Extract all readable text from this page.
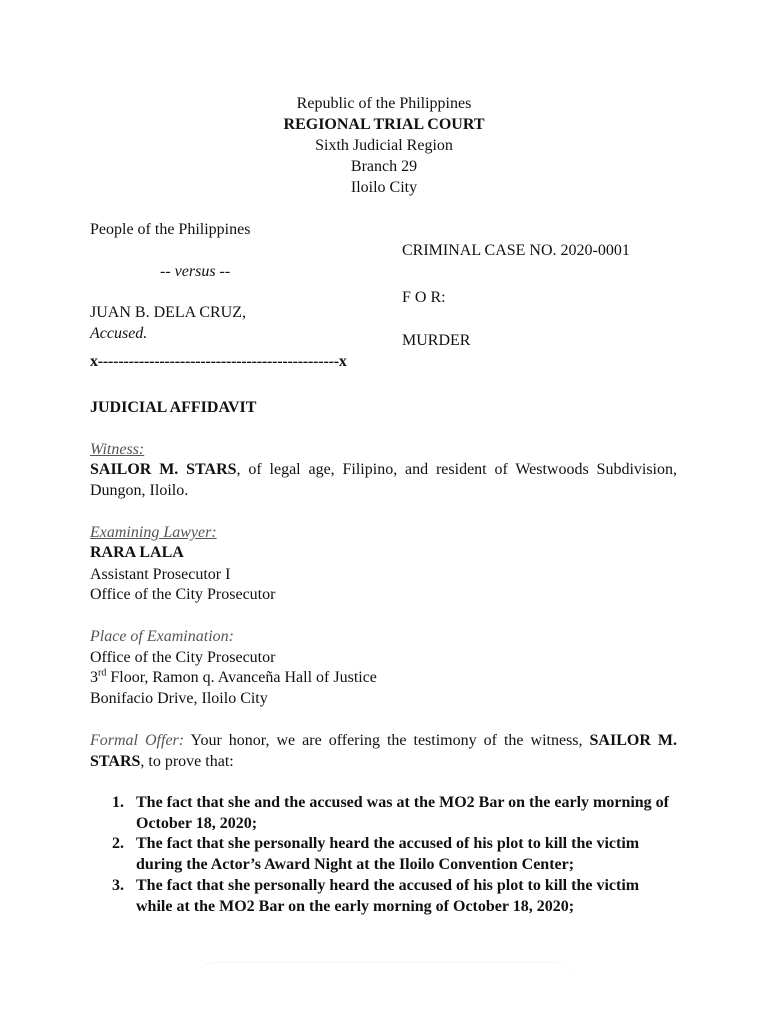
Republic of the Philippines
REGIONAL TRIAL COURT
Sixth Judicial Region
Branch 29
Iloilo City
People of the Philippines
-- versus --
JUAN B. DELA CRUZ,
Accused.
x-----------------------------------------------x
CRIMINAL CASE NO. 2020-0001
F O R:
MURDER
JUDICIAL AFFIDAVIT
Witness:
SAILOR M. STARS, of legal age, Filipino, and resident of Westwoods Subdivision, Dungon, Iloilo.
Examining Lawyer:
RARA LALA
Assistant Prosecutor I
Office of the City Prosecutor
Place of Examination:
Office of the City Prosecutor
3rd Floor, Ramon q. Avanceña Hall of Justice
Bonifacio Drive, Iloilo City
Formal Offer: Your honor, we are offering the testimony of the witness, SAILOR M. STARS, to prove that:
1. The fact that she and the accused was at the MO2 Bar on the early morning of October 18, 2020;
2. The fact that she personally heard the accused of his plot to kill the victim during the Actor’s Award Night at the Iloilo Convention Center;
3. The fact that she personally heard the accused of his plot to kill the victim while at the MO2 Bar on the early morning of October 18, 2020;
